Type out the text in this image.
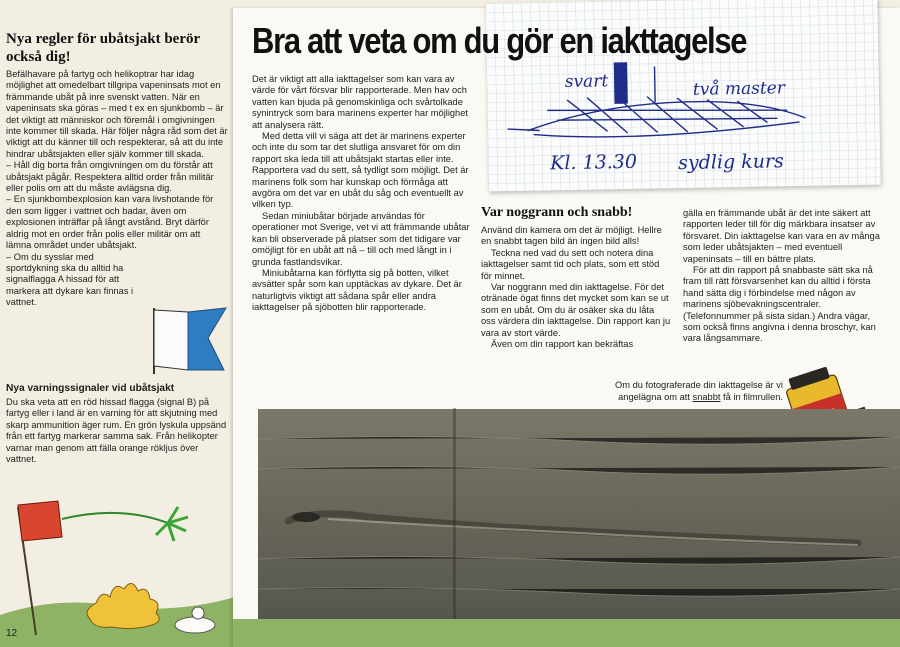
Nya regler för ubåtsjakt berör också dig!
Befälhavare på fartyg och helikoptrar har idag möjlighet att omedelbart tillgripa vapeninsats mot en främmande ubåt på inre svenskt vatten. När en vapeninsats ska göras – med t ex en sjunkbomb – är det viktigt att människor och föremål i omgivningen inte kommer till skada. Här följer några råd som det är viktigt att du känner till och respekterar, så att du inte hindrar ubåtsjakten eller själv kommer till skada.
– Håll dig borta från omgivningen om du förstår att ubåtsjakt pågår. Respektera alltid order från militär eller polis om att du måste avlägsna dig.
– En sjunkbombexplosion kan vara livshotande för den som ligger i vattnet och badar, även om explosionen inträffar på långt avstånd. Bryt därför aldrig mot en order från polis eller militär om att lämna området under ubåtsjakt.
– Om du sysslar med sportdykning ska du alltid ha signalflagga A hissad för att markera att dykare kan finnas i vattnet.
Nya varningssignaler vid ubåtsjakt
Du ska veta att en röd hissad flagga (signal B) på fartyg eller i land är en varning för att skjutning med skarp ammunition äger rum. En grön lyskula uppsänd från ett fartyg markerar samma sak. Från helikopter varnar man genom att fälla orange rökljus över vattnet.
12
Bra att veta om du gör en iakttagelse
Det är viktigt att alla iakttagelser som kan vara av värde för vårt försvar blir rapporterade. Men hav och vatten kan bjuda på genomskinliga och svårtolkade synintryck som bara marinens experter har möjlighet att analysera rätt.
Med detta vill vi säga att det är marinens experter och inte du som tar det slutliga ansvaret för om din rapport ska leda till att ubåtsjakt startas eller inte. Rapportera vad du sett, så tydligt som möjligt. Det är marinens folk som har kunskap och förmåga att avgöra om det var en ubåt du såg och eventuellt av vilken typ.
Sedan miniubåtar började användas för operationer mot Sverige, vet vi att främmande ubåtar kan bli observerade på platser som det tidigare var omöjligt för en ubåt att nå – till och med långt in i grunda fastlandsvikar.
Miniubåtarna kan förflytta sig på botten, vilket avsätter spår som kan upptäckas av dykare. Det är naturligtvis viktigt att sådana spår eller andra iakttagelser på sjöbotten blir rapporterade.
svart	två master
Kl. 13.30 sydlig kurs
Var noggrann och snabb!
Använd din kamera om det är möjligt. Hellre en snabbt tagen bild än ingen bild alls!
Teckna ned vad du sett och notera dina iakttagelser samt tid och plats, som ett stöd för minnet.
Var noggrann med din iakttagelse. För det otränade ögat finns det mycket som kan se ut som en ubåt. Om du är osäker ska du låta oss värdera din iakttagelse. Din rapport kan ju vara av stort värde.
Även om din rapport kan bekräftas
gälla en främmande ubåt är det inte säkert att rapporten leder till för dig märkbara insatser av försvaret. Din iakttagelse kan vara en av många som leder ubåtsjakten – med eventuell vapeninsats – till en bättre plats.
För att din rapport på snabbaste sätt ska nå fram till rätt försvarsenhet kan du alltid i första hand sätta dig i förbindelse med någon av marinens sjöbevakningscentraler. (Telefonnummer på sista sidan.) Andra vägar, som också finns angivna i denna broschyr, kan vara långsammare.
Om du fotograferade din iakttagelse är vi angelägna om att snabbt få in filmrullen.
